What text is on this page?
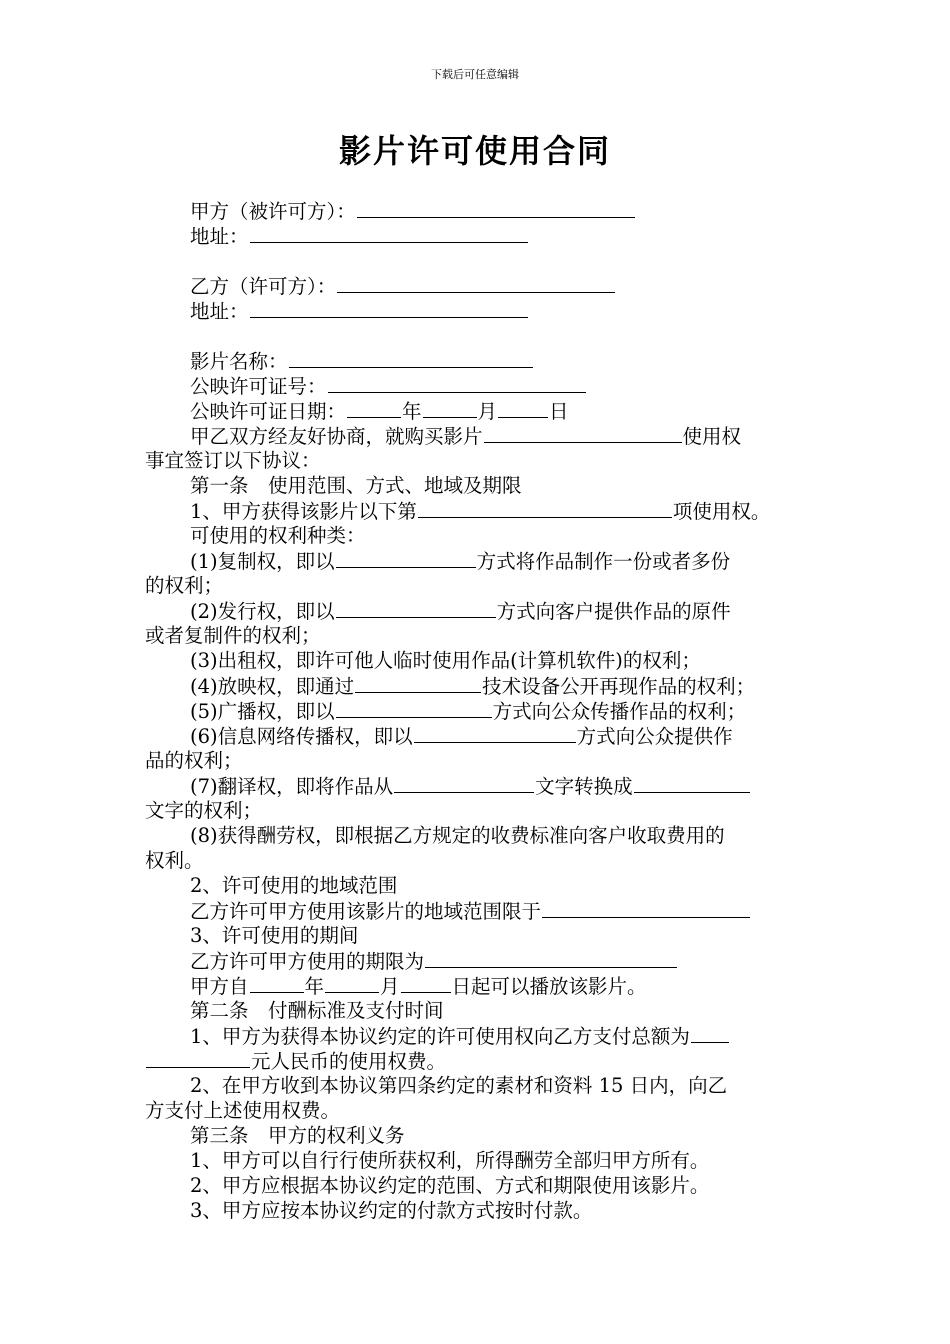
下载后可任意编辑
影片许可使用合同
甲方（被许可方）：
地址：
乙方（许可方）：
地址：
影片名称：
公映许可证号：
公映许可证日期：	年	月	日
甲乙双方经友好协商，就购买影片	使用权
事宜签订以下协议：
第一条　使用范围、方式、地域及期限
1、甲方获得该影片以下第	项使用权。
可使用的权利种类：
(1)复制权，即以	方式将作品制作一份或者多份
的权利；
(2)发行权，即以	方式向客户提供作品的原件
或者复制件的权利；
(3)出租权，即许可他人临时使用作品(计算机软件)的权利；
(4)放映权，即通过	技术设备公开再现作品的权利；
(5)广播权，即以	方式向公众传播作品的权利；
(6)信息网络传播权，即以	方式向公众提供作
品的权利；
(7)翻译权，即将作品从	文字转换成
文字的权利；
(8)获得酬劳权，即根据乙方规定的收费标准向客户收取费用的
权利。
2、许可使用的地域范围
乙方许可甲方使用该影片的地域范围限于
3、许可使用的期间
乙方许可甲方使用的期限为
甲方自	年	月	日起可以播放该影片。
第二条　付酬标准及支付时间
1、甲方为获得本协议约定的许可使用权向乙方支付总额为
元人民币的使用权费。
2、在甲方收到本协议第四条约定的素材和资料 15 日内，向乙
方支付上述使用权费。
第三条　甲方的权利义务
1、甲方可以自行行使所获权利，所得酬劳全部归甲方所有。
2、甲方应根据本协议约定的范围、方式和期限使用该影片。
3、甲方应按本协议约定的付款方式按时付款。
